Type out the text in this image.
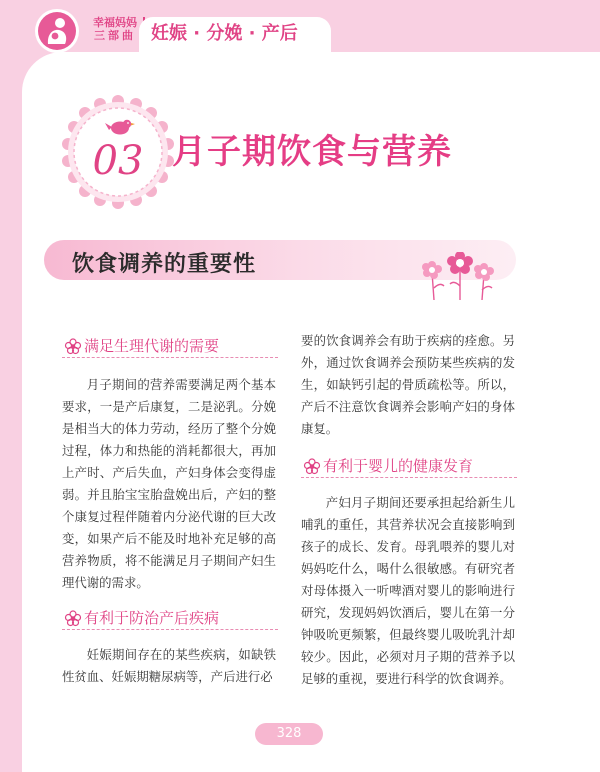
幸福妈妈
三部曲 妊娠 · 分娩 · 产后
03 月子期饮食与营养
饮食调养的重要性
满足生理代谢的需要

月子期间的营养需要满足两个基本要求，一是产后康复，二是泌乳。分娩是相当大的体力劳动，经历了整个分娩过程，体力和热能的消耗都很大，再加上产时、产后失血，产妇身体会变得虚弱。并且胎宝宝胎盘娩出后，产妇的整个康复过程伴随着内分泌代谢的巨大改变，如果产后不能及时地补充足够的高营养物质，将不能满足月子期间产妇生理代谢的需求。

有利于防治产后疾病

妊娠期间存在的某些疾病，如缺铁性贫血、妊娠期糖尿病等，产后进行必

要的饮食调养会有助于疾病的痊愈。另外，通过饮食调养会预防某些疾病的发生，如缺钙引起的骨质疏松等。所以，产后不注意饮食调养会影响产妇的身体康复。

有利于婴儿的健康发育

产妇月子期间还要承担起给新生儿哺乳的重任，其营养状况会直接影响到孩子的成长、发育。母乳喂养的婴儿对妈妈吃什么，喝什么很敏感。有研究者对母体摄入一听啤酒对婴儿的影响进行研究，发现妈妈饮酒后，婴儿在第一分钟吸吮更频繁，但最终婴儿吸吮乳汁却较少。因此，必须对月子期的营养予以足够的重视，要进行科学的饮食调养。

328
